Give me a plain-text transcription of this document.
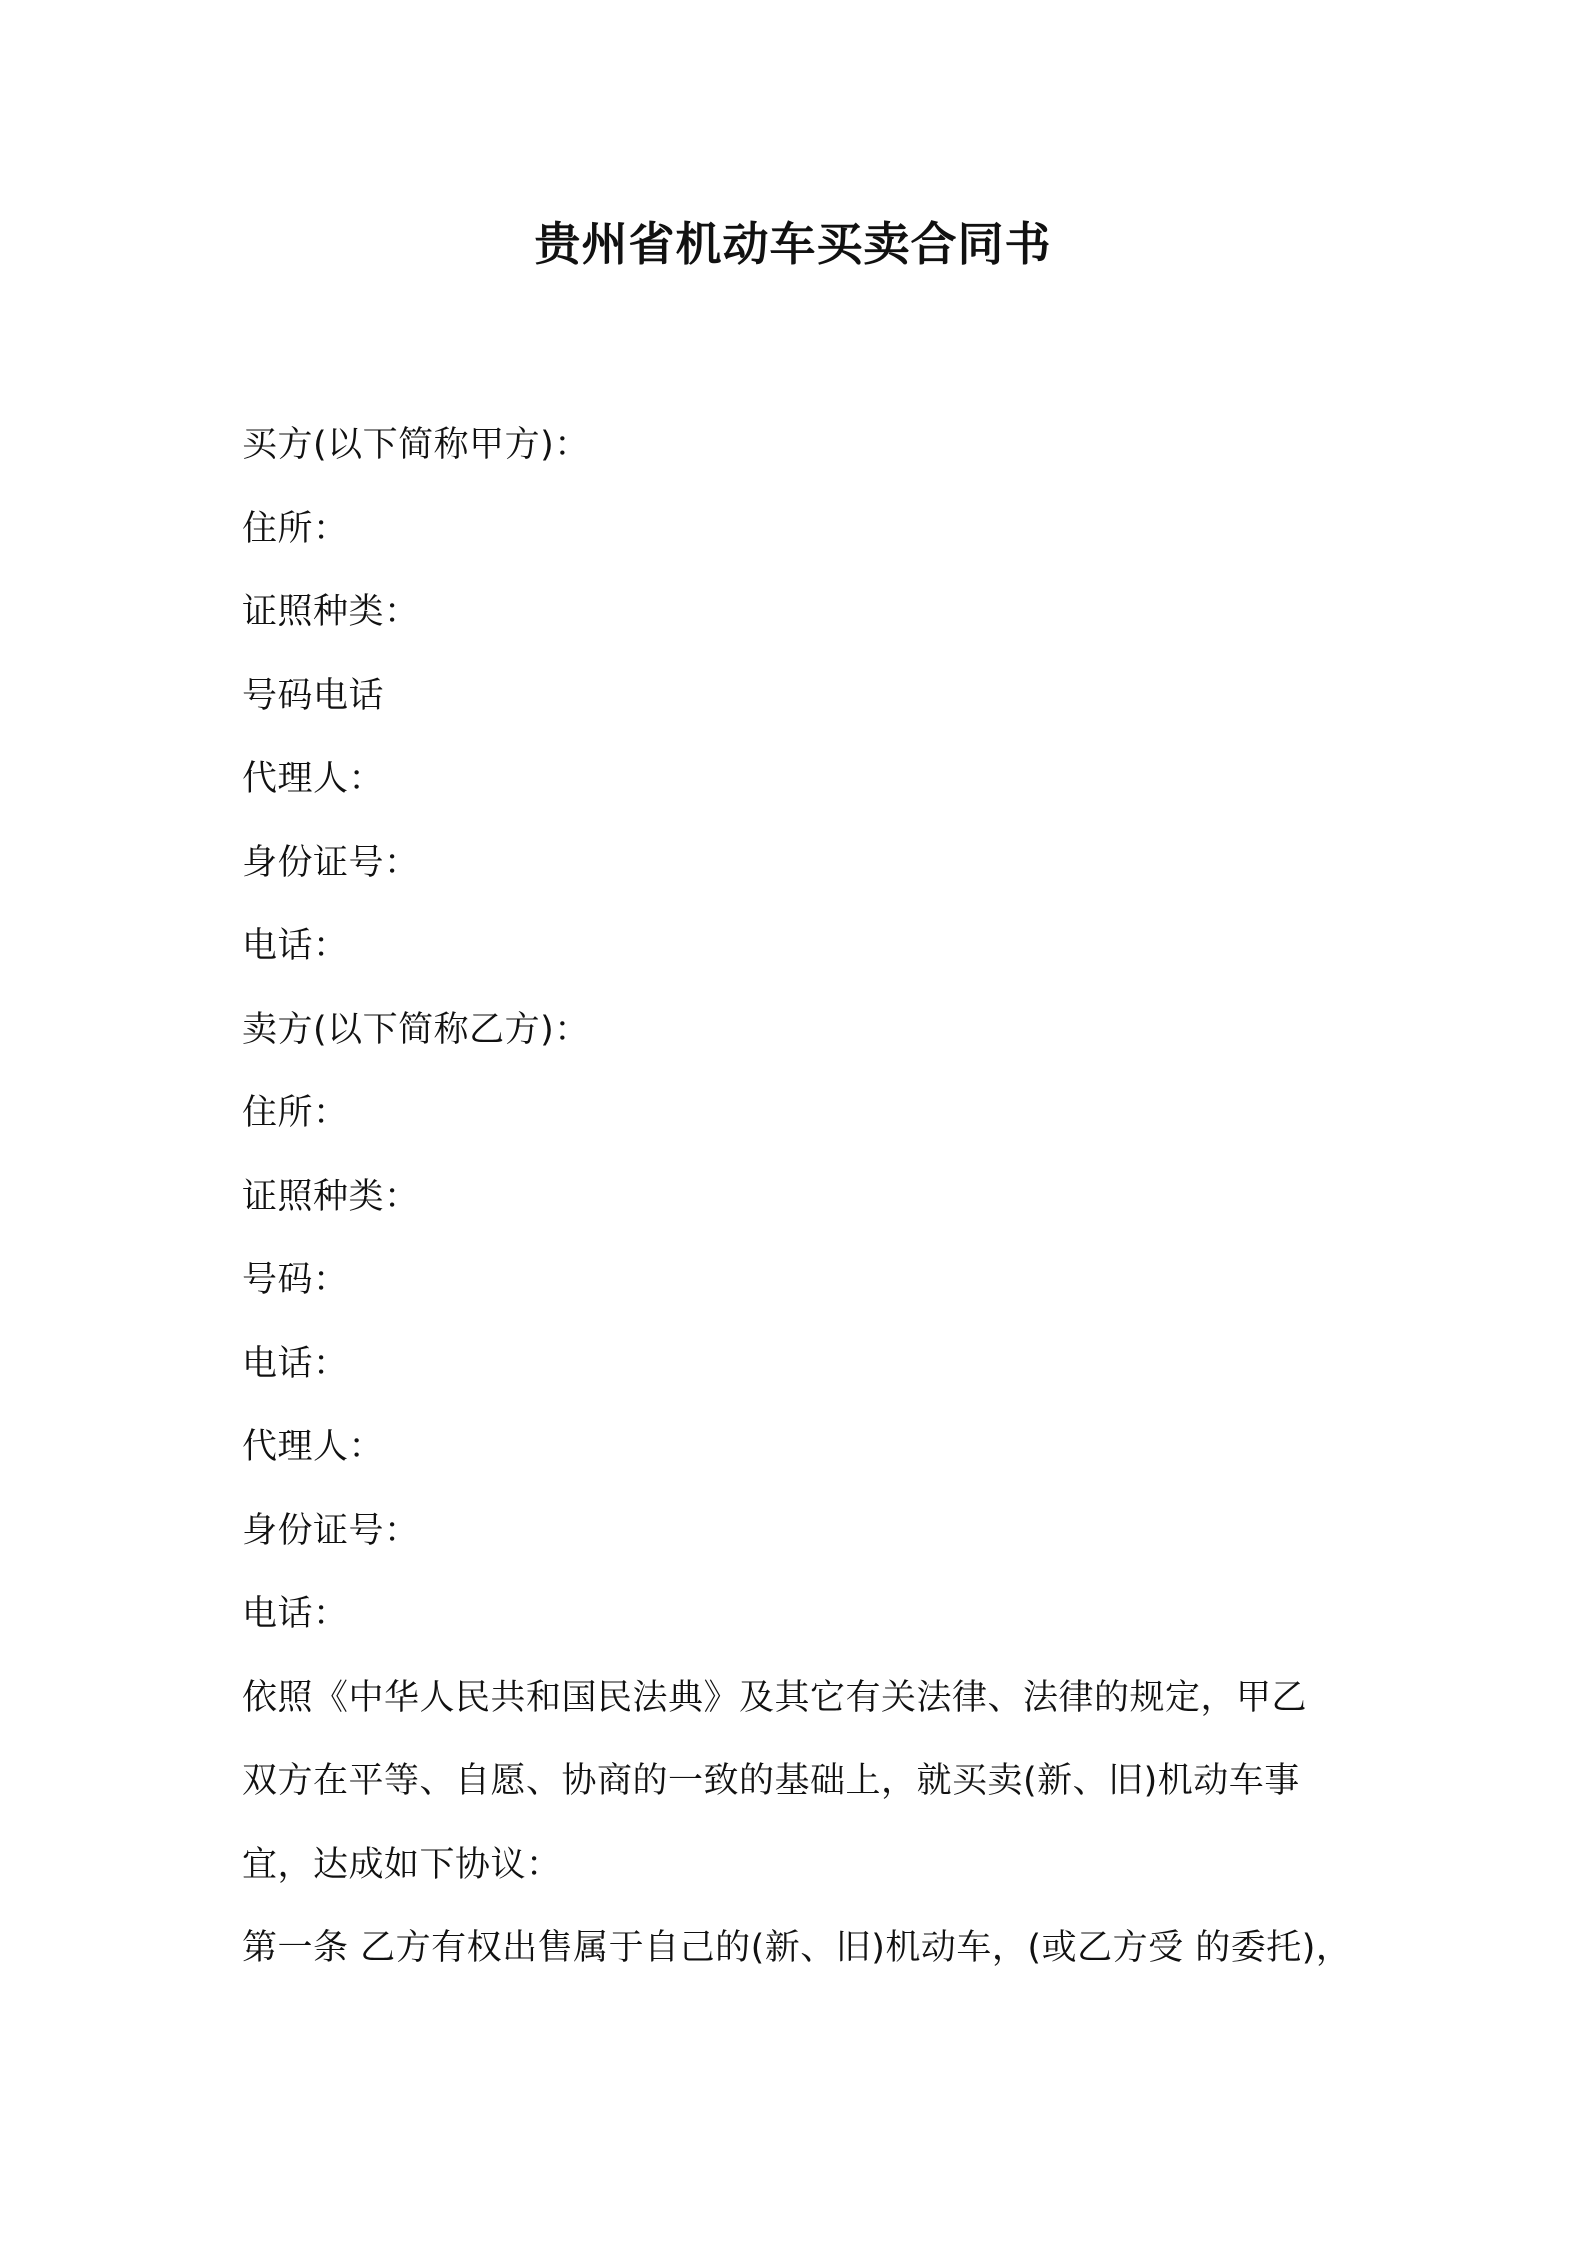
贵州省机动车买卖合同书
买方(以下简称甲方)：
住所：
证照种类：
号码电话
代理人：
身份证号：
电话：
卖方(以下简称乙方)：
住所：
证照种类：
号码：
电话：
代理人：
身份证号：
电话：
依照《中华人民共和国民法典》及其它有关法律、法律的规定，甲乙
双方在平等、自愿、协商的一致的基础上，就买卖(新、旧)机动车事
宜，达成如下协议：
第一条 乙方有权出售属于自己的(新、旧)机动车，(或乙方受 的委托)，
